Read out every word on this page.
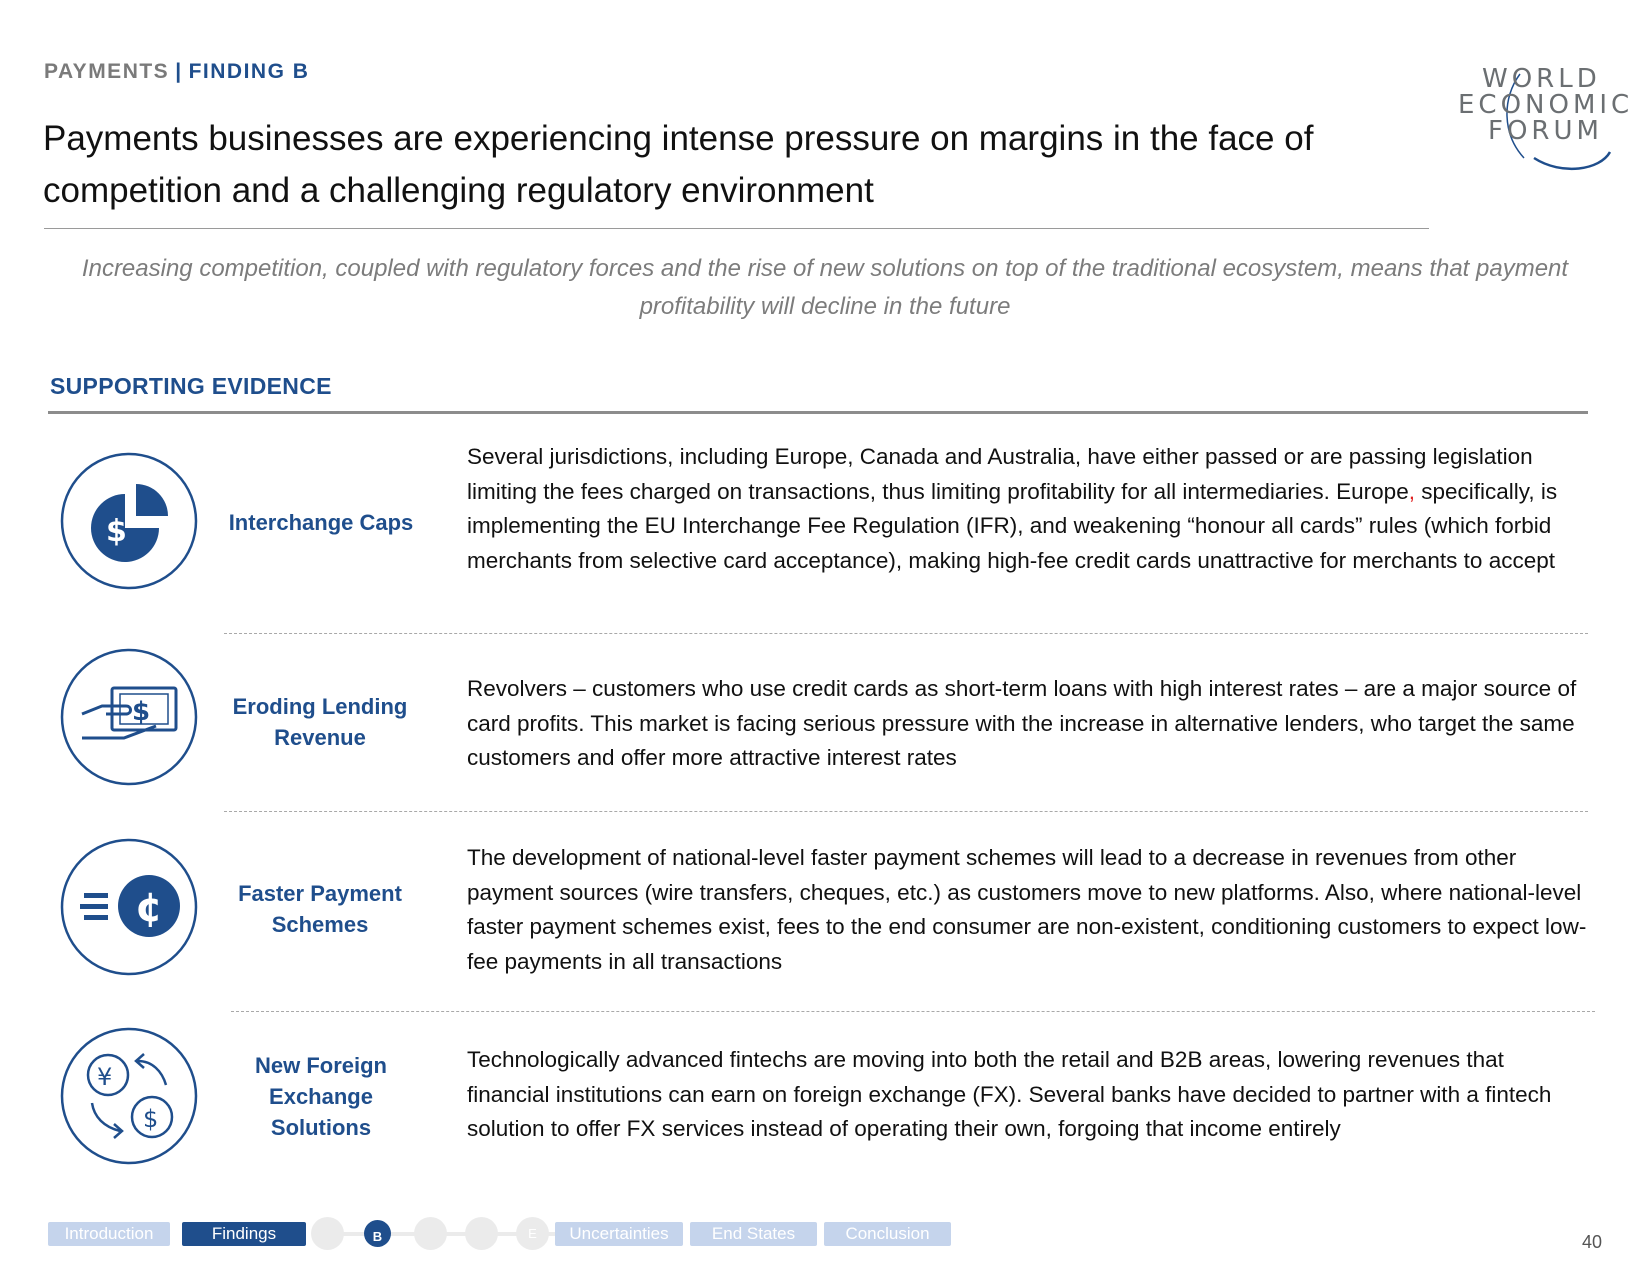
PAYMENTS | FINDING B
Payments businesses are experiencing intense pressure on margins in the face of competition and a challenging regulatory environment
WORLD
ECONOMIC
FORUM
Increasing competition, coupled with regulatory forces and the rise of new solutions on top of the traditional ecosystem, means that payment profitability will decline in the future
SUPPORTING EVIDENCE
$	Interchange Caps
Several jurisdictions, including Europe, Canada and Australia, have either passed or are passing legislation limiting the fees charged on transactions, thus limiting profitability for all intermediaries. Europe, specifically, is implementing the EU Interchange Fee Regulation (IFR), and weakening “honour all cards” rules (which forbid merchants from selective card acceptance), making high-fee credit cards unattractive for merchants to accept
$	Eroding Lending
Revenue
Revolvers – customers who use credit cards as short-term loans with high interest rates – are a major source of card profits. This market is facing serious pressure with the increase in alternative lenders, who target the same customers and offer more attractive interest rates
¢	Faster Payment
Schemes
The development of national-level faster payment schemes will lead to a decrease in revenues from other payment sources (wire transfers, cheques, etc.) as customers move to new platforms. Also, where national-level faster payment schemes exist, fees to the end consumer are non-existent, conditioning customers to expect low-fee payments in all transactions
¥
$
New Foreign
Exchange
Solutions
Technologically advanced fintechs are moving into both the retail and B2B areas, lowering revenues that financial institutions can earn on foreign exchange (FX). Several banks have decided to partner with a fintech solution to offer FX services instead of operating their own, forgoing that income entirely
Introduction	Findings	B	E	Uncertainties	End States	Conclusion	40
